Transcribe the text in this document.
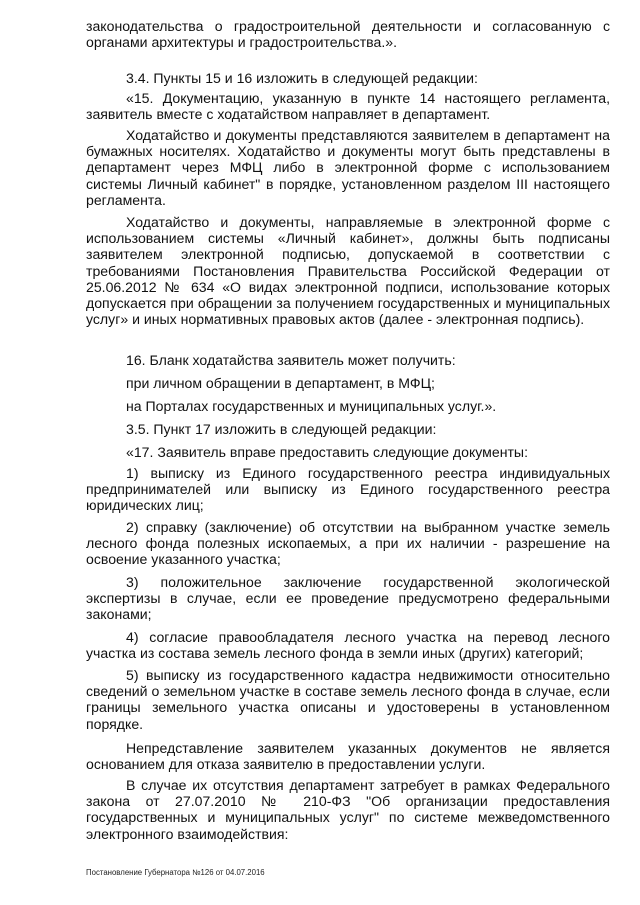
законодательства о градостроительной деятельности и согласованную с органами архитектуры и градостроительства.».

3.4. Пункты 15 и 16 изложить в следующей редакции:

«15. Документацию, указанную в пункте 14 настоящего регламента, заявитель вместе с ходатайством направляет в департамент.

Ходатайство и документы представляются заявителем в департамент на бумажных носителях. Ходатайство и документы могут быть представлены в департамент через МФЦ либо в электронной форме с использованием системы Личный кабинет" в порядке, установленном разделом III настоящего регламента.

Ходатайство и документы, направляемые в электронной форме с использованием системы «Личный кабинет», должны быть подписаны заявителем электронной подписью, допускаемой в соответствии с требованиями Постановления Правительства Российской Федерации от 25.06.2012 № 634 «О видах электронной подписи, использование которых допускается при обращении за получением государственных и муниципальных услуг» и иных нормативных правовых актов (далее - электронная подпись).

16. Бланк ходатайства заявитель может получить:

при личном обращении в департамент, в МФЦ;

на Порталах государственных и муниципальных услуг.».

3.5. Пункт 17 изложить в следующей редакции:

«17. Заявитель вправе предоставить следующие документы:

1) выписку из Единого государственного реестра индивидуальных предпринимателей или выписку из Единого государственного реестра юридических лиц;

2) справку (заключение) об отсутствии на выбранном участке земель лесного фонда полезных ископаемых, а при их наличии - разрешение на освоение указанного участка;

3) положительное заключение государственной экологической экспертизы в случае, если ее проведение предусмотрено федеральными законами;

4) согласие правообладателя лесного участка на перевод лесного участка из состава земель лесного фонда в земли иных (других) категорий;

5) выписку из государственного кадастра недвижимости относительно сведений о земельном участке в составе земель лесного фонда в случае, если границы земельного участка описаны и удостоверены в установленном порядке.

Непредставление заявителем указанных документов не является основанием для отказа заявителю в предоставлении услуги.

В случае их отсутствия департамент затребует в рамках Федерального закона от 27.07.2010 № 210-ФЗ "Об организации предоставления государственных и муниципальных услуг" по системе межведомственного электронного взаимодействия:

Постановление Губернатора №126 от 04.07.2016
